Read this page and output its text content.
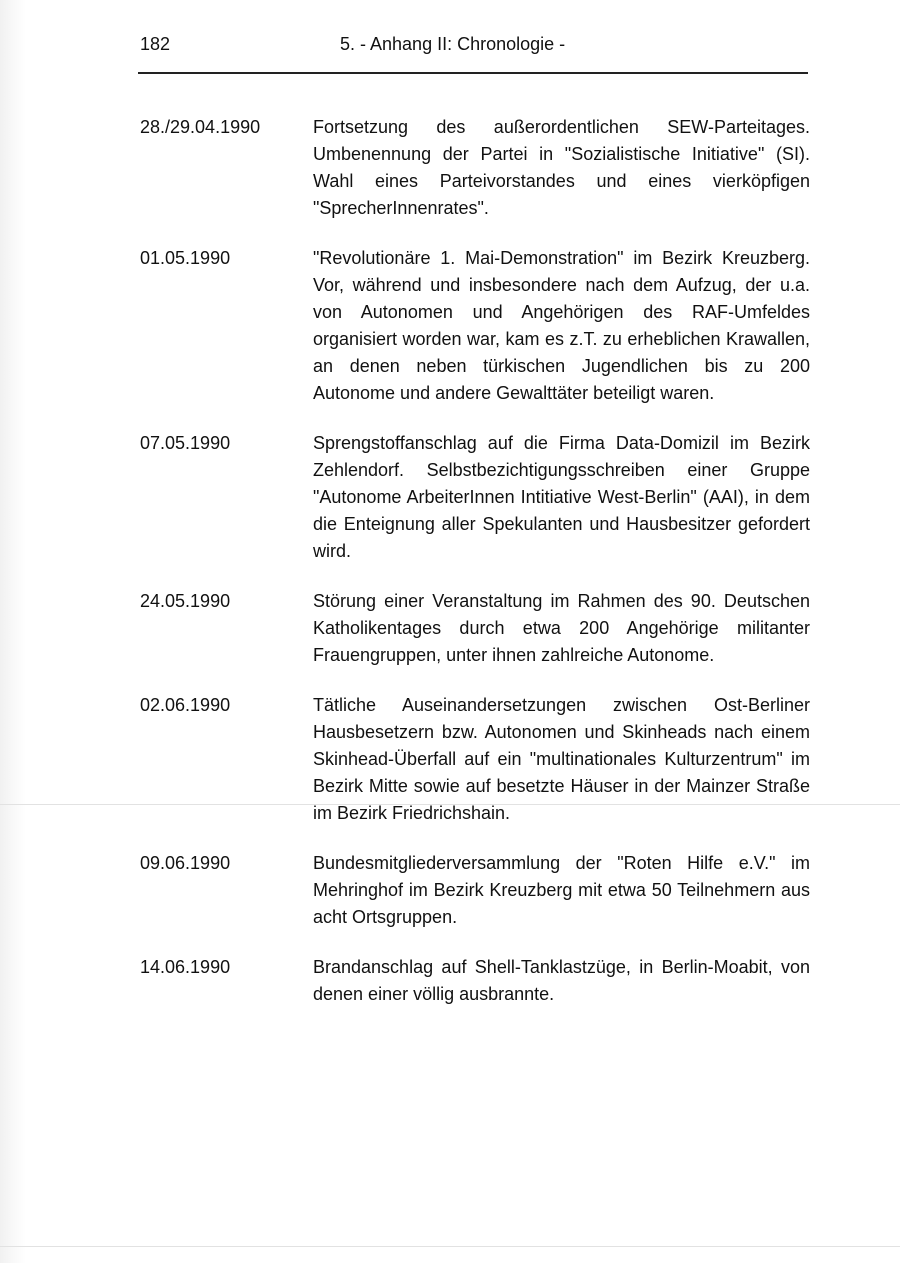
182	5. - Anhang II: Chronologie -
28./29.04.1990	Fortsetzung des außerordentlichen SEW-Parteitages. Umbenennung der Partei in "Sozialistische Initiative" (SI). Wahl eines Parteivorstandes und eines vierköpfigen "SprecherInnenrates".
01.05.1990	"Revolutionäre 1. Mai-Demonstration" im Bezirk Kreuzberg. Vor, während und insbesondere nach dem Aufzug, der u.a. von Autonomen und Angehörigen des RAF-Umfeldes organisiert worden war, kam es z.T. zu erheblichen Krawallen, an denen neben türkischen Jugendlichen bis zu 200 Autonome und andere Gewalttäter beteiligt waren.
07.05.1990	Sprengstoffanschlag auf die Firma Data-Domizil im Bezirk Zehlendorf. Selbstbezichtigungsschreiben einer Gruppe "Autonome ArbeiterInnen Intitiative West-Berlin" (AAI), in dem die Enteignung aller Spekulanten und Hausbesitzer gefordert wird.
24.05.1990	Störung einer Veranstaltung im Rahmen des 90. Deutschen Katholikentages durch etwa 200 Angehörige militanter Frauengruppen, unter ihnen zahlreiche Autonome.
02.06.1990	Tätliche Auseinandersetzungen zwischen Ost-Berliner Hausbesetzern bzw. Autonomen und Skinheads nach einem Skinhead-Überfall auf ein "multinationales Kulturzentrum" im Bezirk Mitte sowie auf besetzte Häuser in der Mainzer Straße im Bezirk Friedrichshain.
09.06.1990	Bundesmitgliederversammlung der "Roten Hilfe e.V." im Mehringhof im Bezirk Kreuzberg mit etwa 50 Teilnehmern aus acht Ortsgruppen.
14.06.1990	Brandanschlag auf Shell-Tanklastzüge, in Berlin-Moabit, von denen einer völlig ausbrannte.
